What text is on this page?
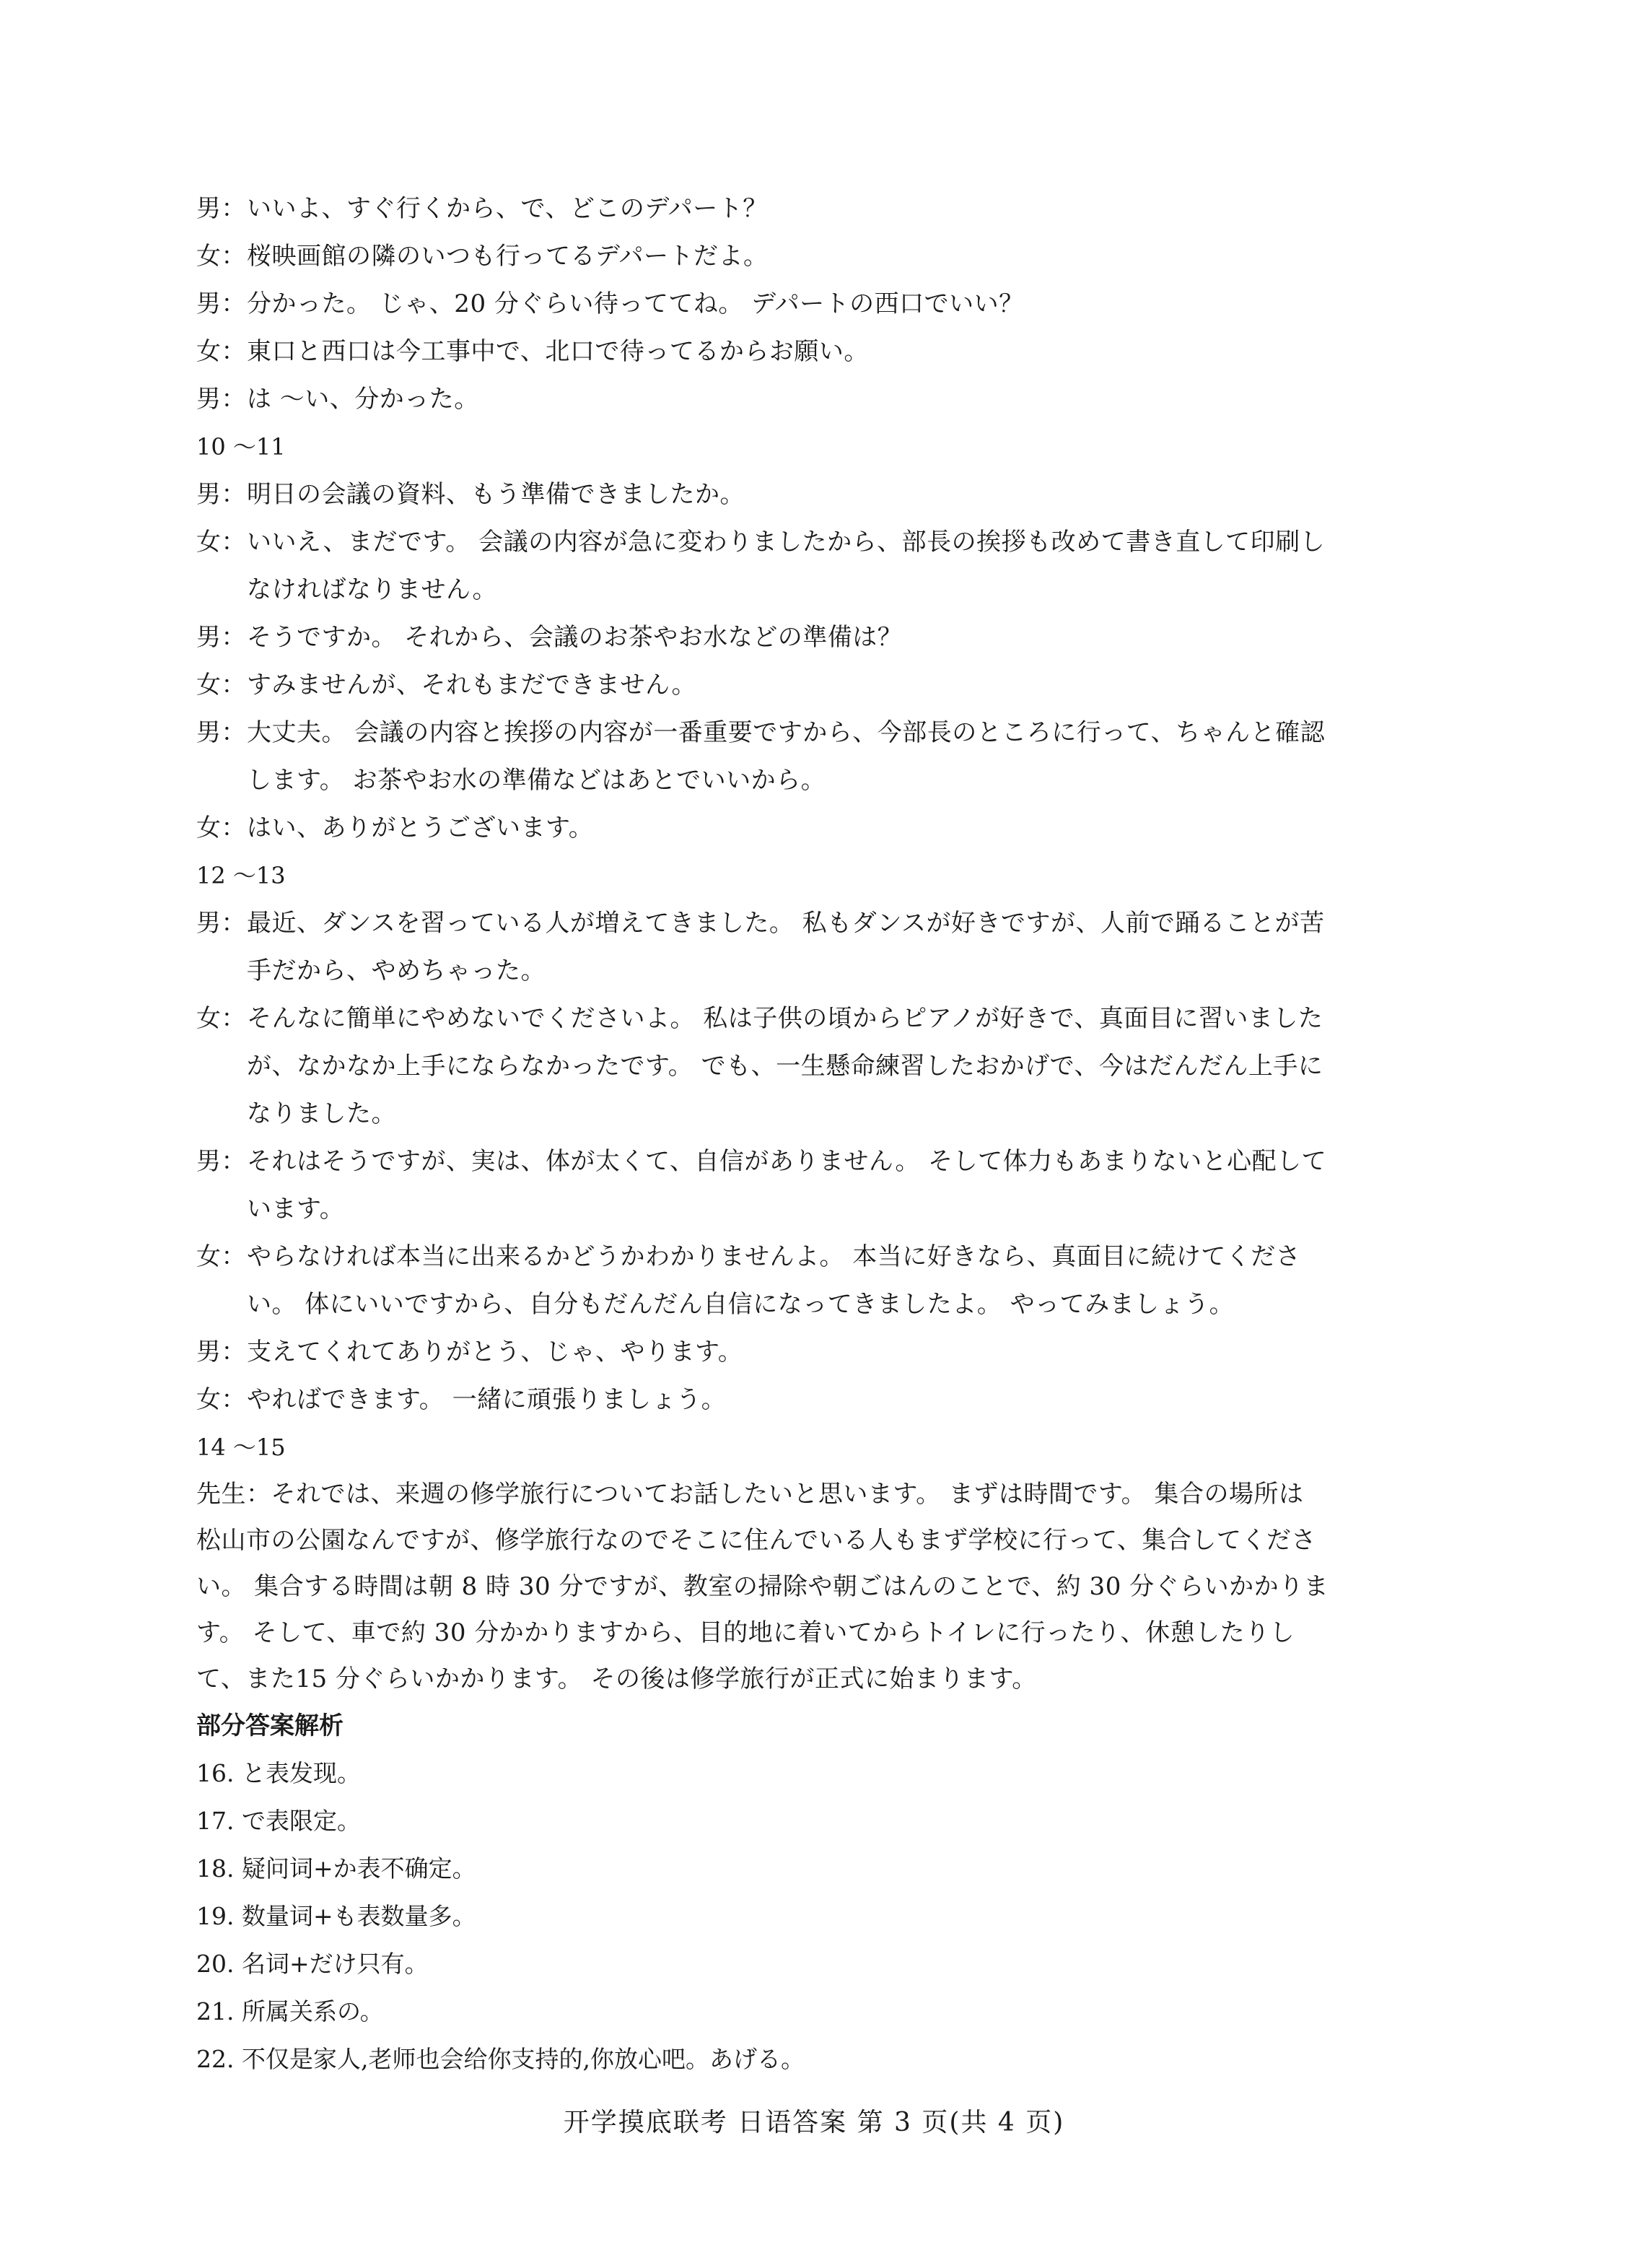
男： いいよ、すぐ行くから、で、どこのデパート？
女： 桜映画館の隣のいつも行ってるデパートだよ。
男： 分かった。 じゃ、20 分ぐらい待っててね。 デパートの西口でいい？
女： 東口と西口は今工事中で、北口で待ってるからお願い。
男： は ～い、分かった。
10 ～11
男： 明日の会議の資料、もう準備できましたか。
女： いいえ、まだです。 会議の内容が急に変わりましたから、部長の挨拶も改めて書き直して印刷し
なければなりません。
男： そうですか。 それから、会議のお茶やお水などの準備は？
女： すみませんが、それもまだできません。
男： 大丈夫。 会議の内容と挨拶の内容が一番重要ですから、今部長のところに行って、ちゃんと確認
します。 お茶やお水の準備などはあとでいいから。
女： はい、ありがとうございます。
12 ～13
男： 最近、ダンスを習っている人が増えてきました。 私もダンスが好きですが、人前で踊ることが苦
手だから、やめちゃった。
女： そんなに簡単にやめないでくださいよ。 私は子供の頃からピアノが好きで、真面目に習いました
が、なかなか上手にならなかったです。 でも、一生懸命練習したおかげで、今はだんだん上手に
なりました。
男： それはそうですが、実は、体が太くて、自信がありません。 そして体力もあまりないと心配して
います。
女： やらなければ本当に出来るかどうかわかりませんよ。 本当に好きなら、真面目に続けてくださ
い。 体にいいですから、自分もだんだん自信になってきましたよ。 やってみましょう。
男： 支えてくれてありがとう、じゃ、やります。
女： やればできます。 一緒に頑張りましょう。
14 ～15
先生：それでは、来週の修学旅行についてお話したいと思います。 まずは時間です。 集合の場所は
松山市の公園なんですが、修学旅行なのでそこに住んでいる人もまず学校に行って、集合してくださ
い。 集合する時間は朝 8 時 30 分ですが、教室の掃除や朝ごはんのことで、約 30 分ぐらいかかりま
す。 そして、車で約 30 分かかりますから、目的地に着いてからトイレに行ったり、休憩したりし
て、また15 分ぐらいかかります。 その後は修学旅行が正式に始まります。
部分答案解析
16. と表发现。
17. で表限定。
18. 疑问词+か表不确定。
19. 数量词+も表数量多。
20. 名词+だけ只有。
21. 所属关系の。
22. 不仅是家人,老师也会给你支持的,你放心吧。あげる。
开学摸底联考 日语答案 第 3 页(共 4 页)
